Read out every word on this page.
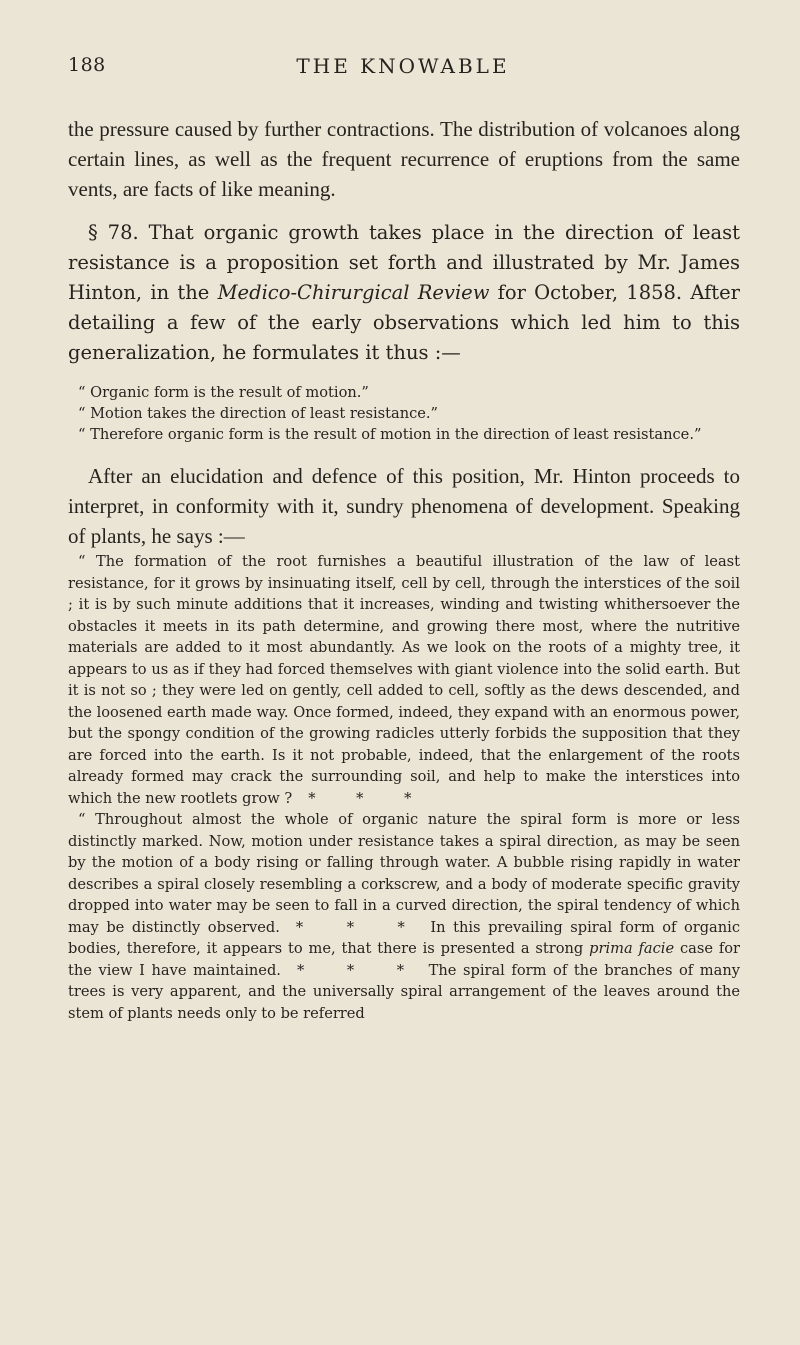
188	THE KNOWABLE

the pressure caused by further contractions. The distribution of volcanoes along certain lines, as well as the frequent recurrence of eruptions from the same vents, are facts of like meaning.

§ 78. That organic growth takes place in the direction of least resistance is a proposition set forth and illustrated by Mr. James Hinton, in the Medico-Chirurgical Review for October, 1858. After detailing a few of the early observations which led him to this generalization, he formulates it thus :—

“ Organic form is the result of motion.”

“ Motion takes the direction of least resistance.”

“ Therefore organic form is the result of motion in the direction of least resistance.”

After an elucidation and defence of this position, Mr. Hinton proceeds to interpret, in conformity with it, sundry phenomena of development. Speaking of plants, he says :—

“ The formation of the root furnishes a beautiful illustration of the law of least resistance, for it grows by insinuating itself, cell by cell, through the interstices of the soil ; it is by such minute additions that it increases, winding and twisting whithersoever the obstacles it meets in its path determine, and growing there most, where the nutritive materials are added to it most abundantly. As we look on the roots of a mighty tree, it appears to us as if they had forced themselves with giant violence into the solid earth. But it is not so ; they were led on gently, cell added to cell, softly as the dews descended, and the loosened earth made way. Once formed, indeed, they expand with an enormous power, but the spongy condition of the growing radicles utterly forbids the supposition that they are forced into the earth. Is it not probable, indeed, that the enlargement of the roots already formed may crack the surrounding soil, and help to make the interstices into which the new rootlets grow ? * * *

“ Throughout almost the whole of organic nature the spiral form is more or less distinctly marked. Now, motion under resistance takes a spiral direction, as may be seen by the motion of a body rising or falling through water. A bubble rising rapidly in water describes a spiral closely resembling a corkscrew, and a body of moderate specific gravity dropped into water may be seen to fall in a curved direction, the spiral tendency of which may be distinctly observed. * * * In this prevailing spiral form of organic bodies, therefore, it appears to me, that there is presented a strong prima facie case for the view I have maintained. * * * The spiral form of the branches of many trees is very apparent, and the universally spiral arrangement of the leaves around the stem of plants needs only to be referred
